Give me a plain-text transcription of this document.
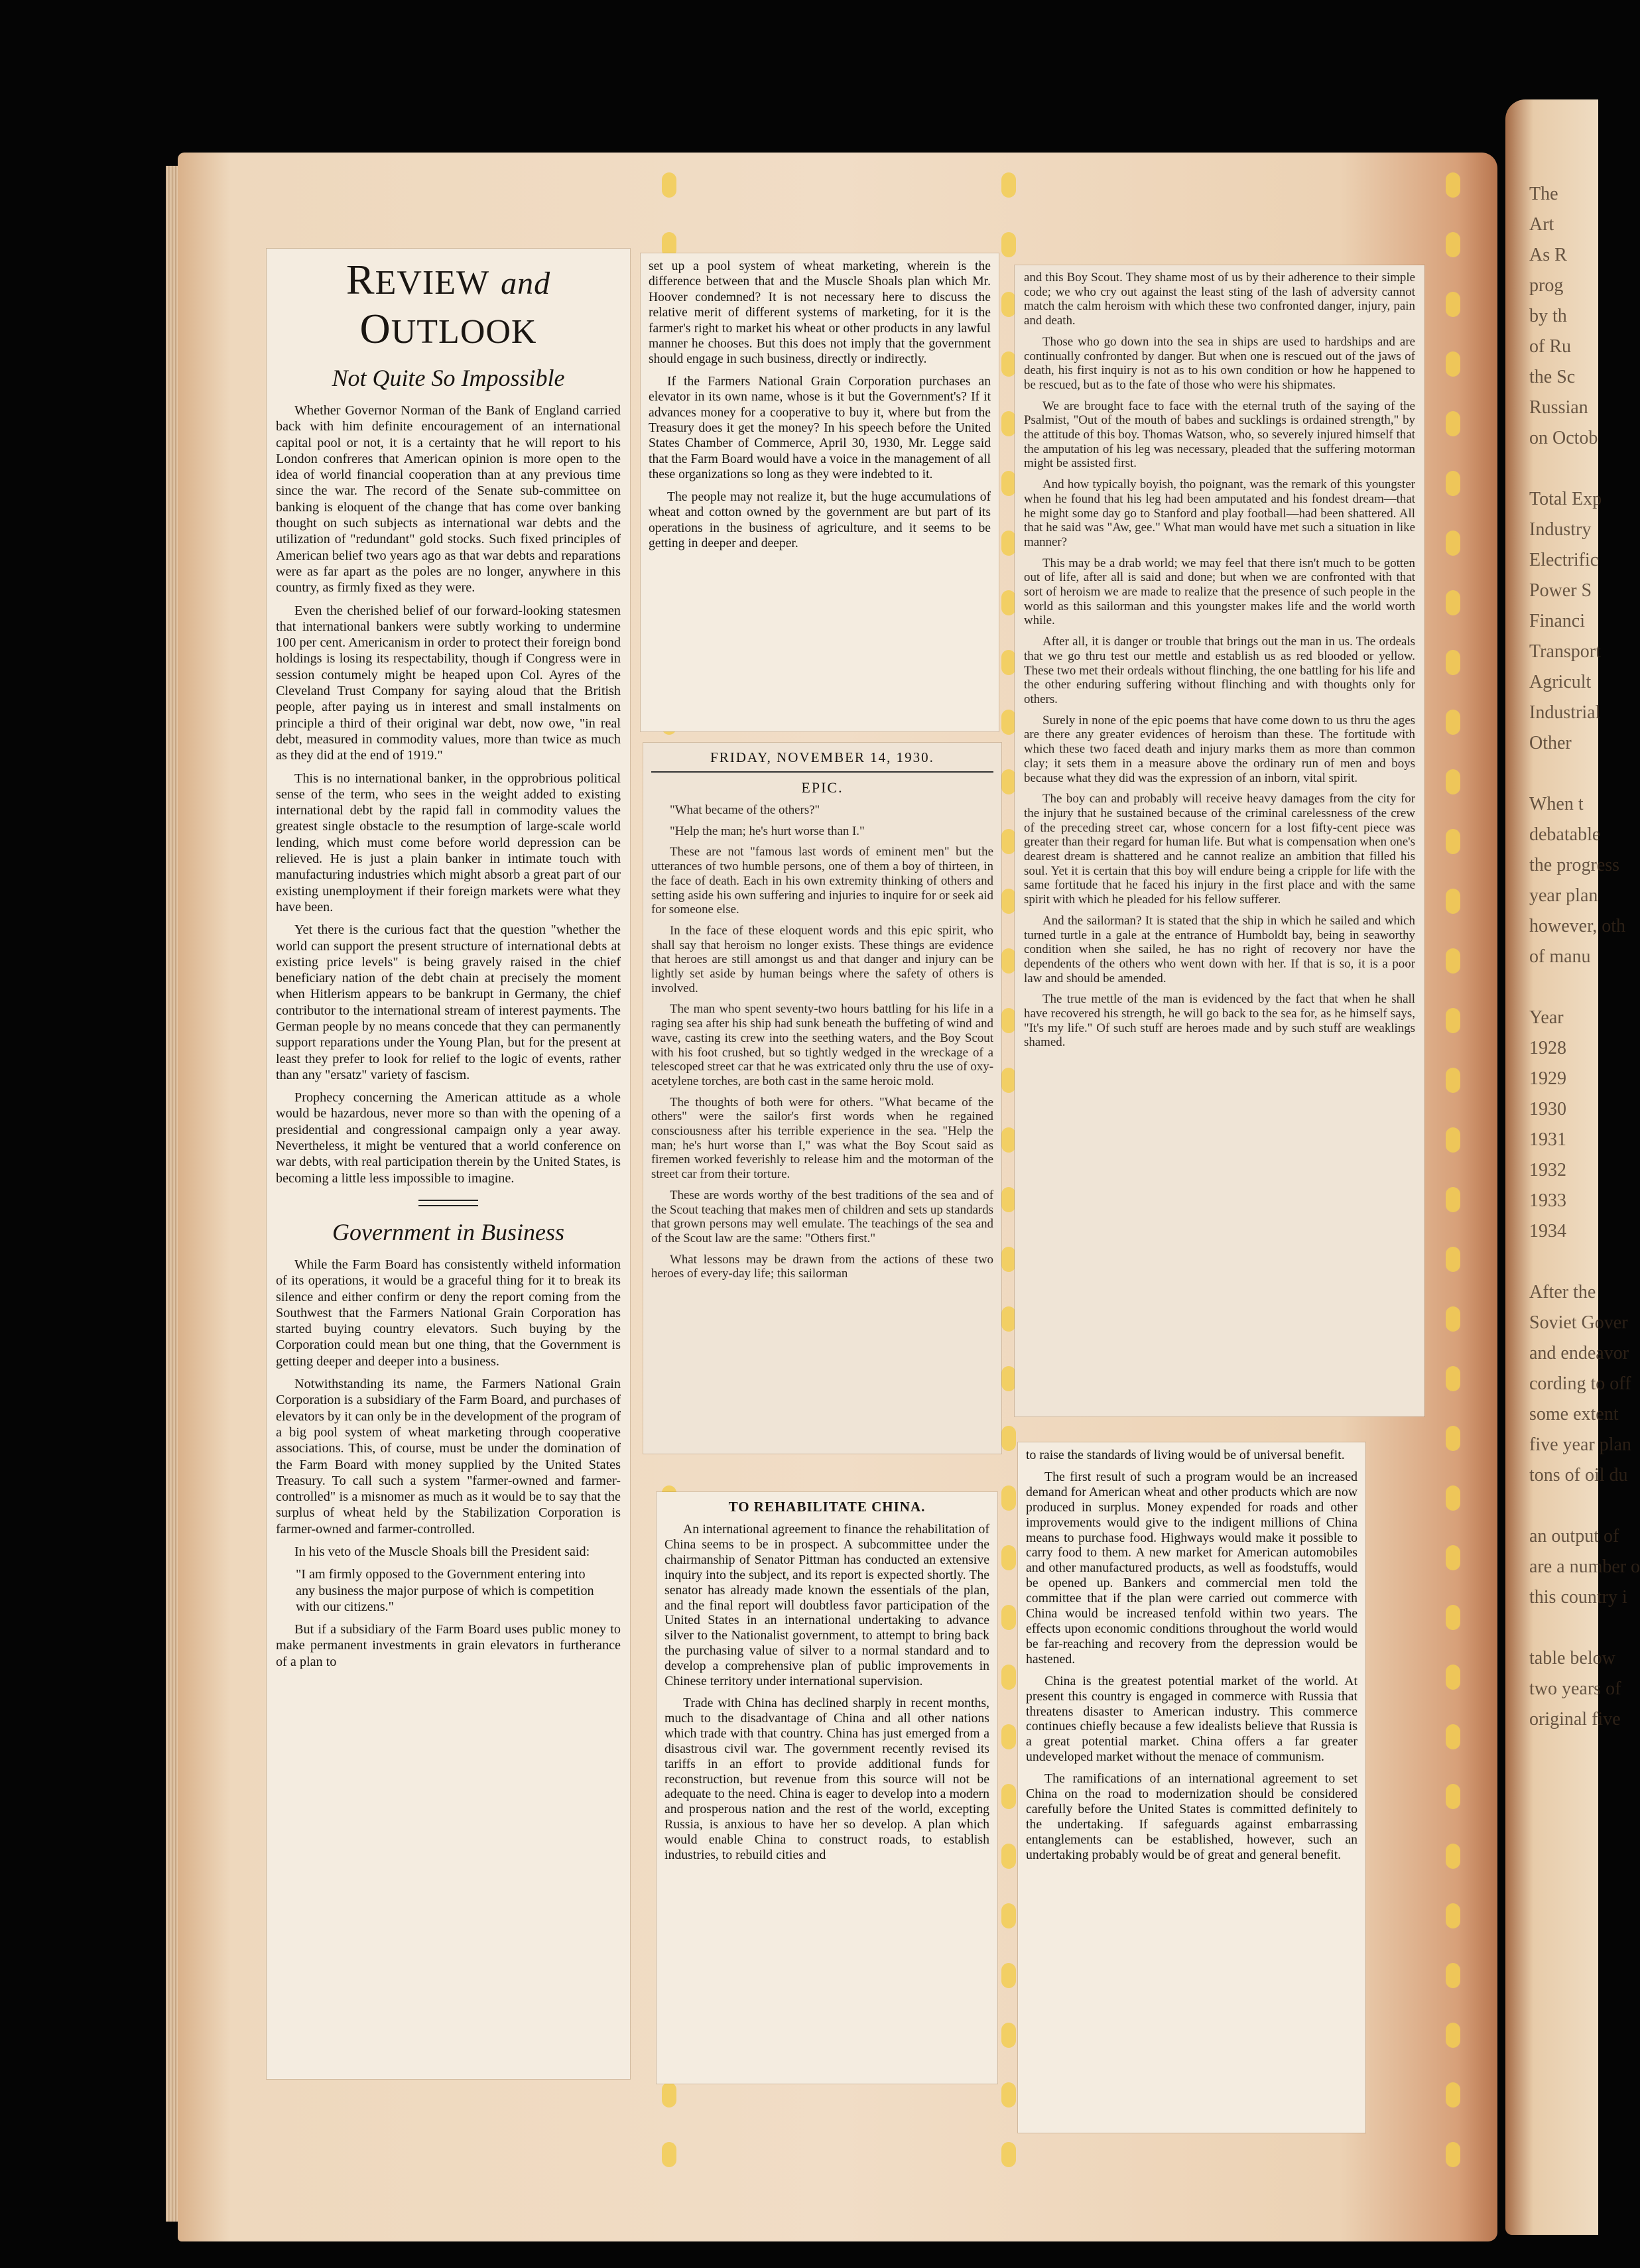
The
Art
As R
prog
by th
of Ru
the Sc
Russian
on Octob

Total Exp
Industry
Electrific
Power S
Financi
Transport
Agricult
Industrial
Other

When t
debatable
the progress
year plan
however, oth
of manu

Year
1928
1929
1930
1931
1932
1933
1934

After the
Soviet Gover
and endeavor
cording to off
some extent
five year plan
tons of oil du

an output of
are a number o
this country i

table below
two years of
original five
REVIEW and OUTLOOK
Not Quite So Impossible

Whether Governor Norman of the Bank of England carried back with him definite encouragement of an international capital pool or not, it is a certainty that he will report to his London confreres that American opinion is more open to the idea of world financial cooperation than at any previous time since the war. The record of the Senate sub-committee on banking is eloquent of the change that has come over banking thought on such subjects as international war debts and the utilization of "redundant" gold stocks. Such fixed principles of American belief two years ago as that war debts and reparations were as far apart as the poles are no longer, anywhere in this country, as firmly fixed as they were.

Even the cherished belief of our forward-looking statesmen that international bankers were subtly working to undermine 100 per cent. Americanism in order to protect their foreign bond holdings is losing its respectability, though if Congress were in session contumely might be heaped upon Col. Ayres of the Cleveland Trust Company for saying aloud that the British people, after paying us in interest and small instalments on principle a third of their original war debt, now owe, "in real debt, measured in commodity values, more than twice as much as they did at the end of 1919."

This is no international banker, in the opprobrious political sense of the term, who sees in the weight added to existing international debt by the rapid fall in commodity values the greatest single obstacle to the resumption of large-scale world lending, which must come before world depression can be relieved. He is just a plain banker in intimate touch with manufacturing industries which might absorb a great part of our existing unemployment if their foreign markets were what they have been.

Yet there is the curious fact that the question "whether the world can support the present structure of international debts at existing price levels" is being gravely raised in the chief beneficiary nation of the debt chain at precisely the moment when Hitlerism appears to be bankrupt in Germany, the chief contributor to the international stream of interest payments. The German people by no means concede that they can permanently support reparations under the Young Plan, but for the present at least they prefer to look for relief to the logic of events, rather than any "ersatz" variety of fascism.

Prophecy concerning the American attitude as a whole would be hazardous, never more so than with the opening of a presidential and congressional campaign only a year away. Nevertheless, it might be ventured that a world conference on war debts, with real participation therein by the United States, is becoming a little less impossible to imagine.

Government in Business

While the Farm Board has consistently witheld information of its operations, it would be a graceful thing for it to break its silence and either confirm or deny the report coming from the Southwest that the Farmers National Grain Corporation has started buying country elevators. Such buying by the Corporation could mean but one thing, that the Government is getting deeper and deeper into a business.

Notwithstanding its name, the Farmers National Grain Corporation is a subsidiary of the Farm Board, and purchases of elevators by it can only be in the development of the program of a big pool system of wheat marketing through cooperative associations. This, of course, must be under the domination of the Farm Board with money supplied by the United States Treasury. To call such a system "farmer-owned and farmer-controlled" is a misnomer as much as it would be to say that the surplus of wheat held by the Stabilization Corporation is farmer-owned and farmer-controlled.

In his veto of the Muscle Shoals bill the President said:

"I am firmly opposed to the Government entering into any business the major purpose of which is competition with our citizens."

But if a subsidiary of the Farm Board uses public money to make permanent investments in grain elevators in furtherance of a plan to

set up a pool system of wheat marketing, wherein is the difference between that and the Muscle Shoals plan which Mr. Hoover condemned? It is not necessary here to discuss the relative merit of different systems of marketing, for it is the farmer's right to market his wheat or other products in any lawful manner he chooses. But this does not imply that the government should engage in such business, directly or indirectly.

If the Farmers National Grain Corporation purchases an elevator in its own name, whose is it but the Government's? If it advances money for a cooperative to buy it, where but from the Treasury does it get the money? In his speech before the United States Chamber of Commerce, April 30, 1930, Mr. Legge said that the Farm Board would have a voice in the management of all these organizations so long as they were indebted to it.

The people may not realize it, but the huge accumulations of wheat and cotton owned by the government are but part of its operations in the business of agriculture, and it seems to be getting in deeper and deeper.

FRIDAY, NOVEMBER 14, 1930.
EPIC.

"What became of the others?"

"Help the man; he's hurt worse than I."

These are not "famous last words of eminent men" but the utterances of two humble persons, one of them a boy of thirteen, in the face of death. Each in his own extremity thinking of others and setting aside his own suffering and injuries to inquire for or seek aid for someone else.

In the face of these eloquent words and this epic spirit, who shall say that heroism no longer exists. These things are evidence that heroes are still amongst us and that danger and injury can be lightly set aside by human beings where the safety of others is involved.

The man who spent seventy-two hours battling for his life in a raging sea after his ship had sunk beneath the buffeting of wind and wave, casting its crew into the seething waters, and the Boy Scout with his foot crushed, but so tightly wedged in the wreckage of a telescoped street car that he was extricated only thru the use of oxy-acetylene torches, are both cast in the same heroic mold.

The thoughts of both were for others. "What became of the others" were the sailor's first words when he regained consciousness after his terrible experience in the sea. "Help the man; he's hurt worse than I," was what the Boy Scout said as firemen worked feverishly to release him and the motorman of the street car from their torture.

These are words worthy of the best traditions of the sea and of the Scout teaching that makes men of children and sets up standards that grown persons may well emulate. The teachings of the sea and of the Scout law are the same: "Others first."

What lessons may be drawn from the actions of these two heroes of every-day life; this sailorman

and this Boy Scout. They shame most of us by their adherence to their simple code; we who cry out against the least sting of the lash of adversity cannot match the calm heroism with which these two confronted danger, injury, pain and death.

Those who go down into the sea in ships are used to hardships and are continually confronted by danger. But when one is rescued out of the jaws of death, his first inquiry is not as to his own condition or how he happened to be rescued, but as to the fate of those who were his shipmates.

We are brought face to face with the eternal truth of the saying of the Psalmist, "Out of the mouth of babes and sucklings is ordained strength," by the attitude of this boy. Thomas Watson, who, so severely injured himself that the amputation of his leg was necessary, pleaded that the suffering motorman might be assisted first.

And how typically boyish, tho poignant, was the remark of this youngster when he found that his leg had been amputated and his fondest dream—that he might some day go to Stanford and play football—had been shattered. All that he said was "Aw, gee." What man would have met such a situation in like manner?

This may be a drab world; we may feel that there isn't much to be gotten out of life, after all is said and done; but when we are confronted with that sort of heroism we are made to realize that the presence of such people in the world as this sailorman and this youngster makes life and the world worth while.

After all, it is danger or trouble that brings out the man in us. The ordeals that we go thru test our mettle and establish us as red blooded or yellow. These two met their ordeals without flinching, the one battling for his life and the other enduring suffering without flinching and with thoughts only for others.

Surely in none of the epic poems that have come down to us thru the ages are there any greater evidences of heroism than these. The fortitude with which these two faced death and injury marks them as more than common clay; it sets them in a measure above the ordinary run of men and boys because what they did was the expression of an inborn, vital spirit.

The boy can and probably will receive heavy damages from the city for the injury that he sustained because of the criminal carelessness of the crew of the preceding street car, whose concern for a lost fifty-cent piece was greater than their regard for human life. But what is compensation when one's dearest dream is shattered and he cannot realize an ambition that filled his soul. Yet it is certain that this boy will endure being a cripple for life with the same fortitude that he faced his injury in the first place and with the same spirit with which he pleaded for his fellow sufferer.

And the sailorman? It is stated that the ship in which he sailed and which turned turtle in a gale at the entrance of Humboldt bay, being in seaworthy condition when she sailed, he has no right of recovery nor have the dependents of the others who went down with her. If that is so, it is a poor law and should be amended.

The true mettle of the man is evidenced by the fact that when he shall have recovered his strength, he will go back to the sea for, as he himself says, "It's my life." Of such stuff are heroes made and by such stuff are weaklings shamed.

TO REHABILITATE CHINA.

An international agreement to finance the rehabilitation of China seems to be in prospect. A subcommittee under the chairmanship of Senator Pittman has conducted an extensive inquiry into the subject, and its report is expected shortly. The senator has already made known the essentials of the plan, and the final report will doubtless favor participation of the United States in an international undertaking to advance silver to the Nationalist government, to attempt to bring back the purchasing value of silver to a normal standard and to develop a comprehensive plan of public improvements in Chinese territory under international supervision.

Trade with China has declined sharply in recent months, much to the disadvantage of China and all other nations which trade with that country. China has just emerged from a disastrous civil war. The government recently revised its tariffs in an effort to provide additional funds for reconstruction, but revenue from this source will not be adequate to the need. China is eager to develop into a modern and prosperous nation and the rest of the world, excepting Russia, is anxious to have her so develop. A plan which would enable China to construct roads, to establish industries, to rebuild cities and

to raise the standards of living would be of universal benefit.

The first result of such a program would be an increased demand for American wheat and other products which are now produced in surplus. Money expended for roads and other improvements would give to the indigent millions of China means to purchase food. Highways would make it possible to carry food to them. A new market for American automobiles and other manufactured products, as well as foodstuffs, would be opened up. Bankers and commercial men told the committee that if the plan were carried out commerce with China would be increased tenfold within two years. The effects upon economic conditions throughout the world would be far-reaching and recovery from the depression would be hastened.

China is the greatest potential market of the world. At present this country is engaged in commerce with Russia that threatens disaster to American industry. This commerce continues chiefly because a few idealists believe that Russia is a great potential market. China offers a far greater undeveloped market without the menace of communism.

The ramifications of an international agreement to set China on the road to modernization should be considered carefully before the United States is committed definitely to the undertaking. If safeguards against embarrassing entanglements can be established, however, such an undertaking probably would be of great and general benefit.
